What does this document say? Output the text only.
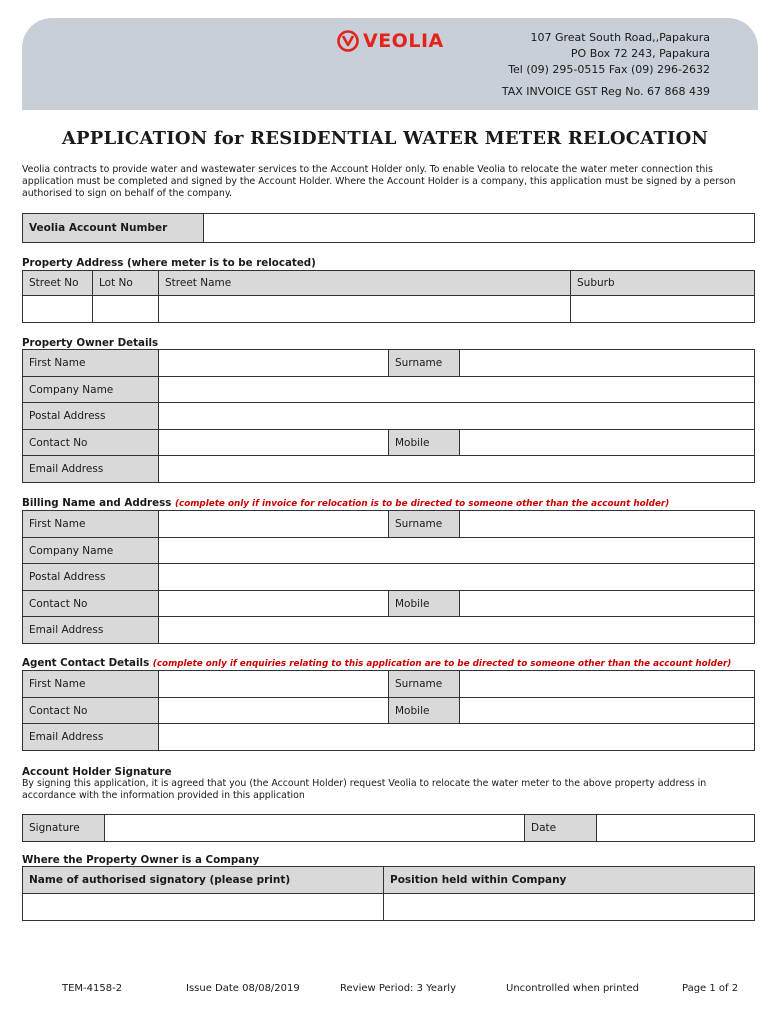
VEOLIA	107 Great South Road,,Papakura
PO Box 72 243, Papakura
Tel (09) 295-0515 Fax (09) 296-2632
TAX INVOICE GST Reg No. 67 868 439
APPLICATION for RESIDENTIAL WATER METER RELOCATION
Veolia contracts to provide water and wastewater services to the Account Holder only. To enable Veolia to relocate the water meter connection this application must be completed and signed by the Account Holder. Where the Account Holder is a company, this application must be signed by a person authorised to sign on behalf of the company.
Veolia Account Number	
Property Address (where meter is to be relocated)
Street No	Lot No	Street Name	Suburb

Property Owner Details
First Name		Surname	
Company Name			
Postal Address			
Contact No		Mobile	
Email Address			
Billing Name and Address (complete only if invoice for relocation is to be directed to someone other than the account holder)
First Name		Surname	
Company Name			
Postal Address			
Contact No		Mobile	
Email Address			
Agent Contact Details (complete only if enquiries relating to this application are to be directed to someone other than the account holder)
First Name		Surname	
Contact No		Mobile	
Email Address			
Account Holder Signature
By signing this application, it is agreed that you (the Account Holder) request Veolia to relocate the water meter to the above property address in accordance with the information provided in this application
Signature		Date	
Where the Property Owner is a Company
Name of authorised signatory (please print)	Position held within Company

TEM-4158-2	Issue Date 08/08/2019	Review Period: 3 Yearly	Uncontrolled when printed	Page 1 of 2
